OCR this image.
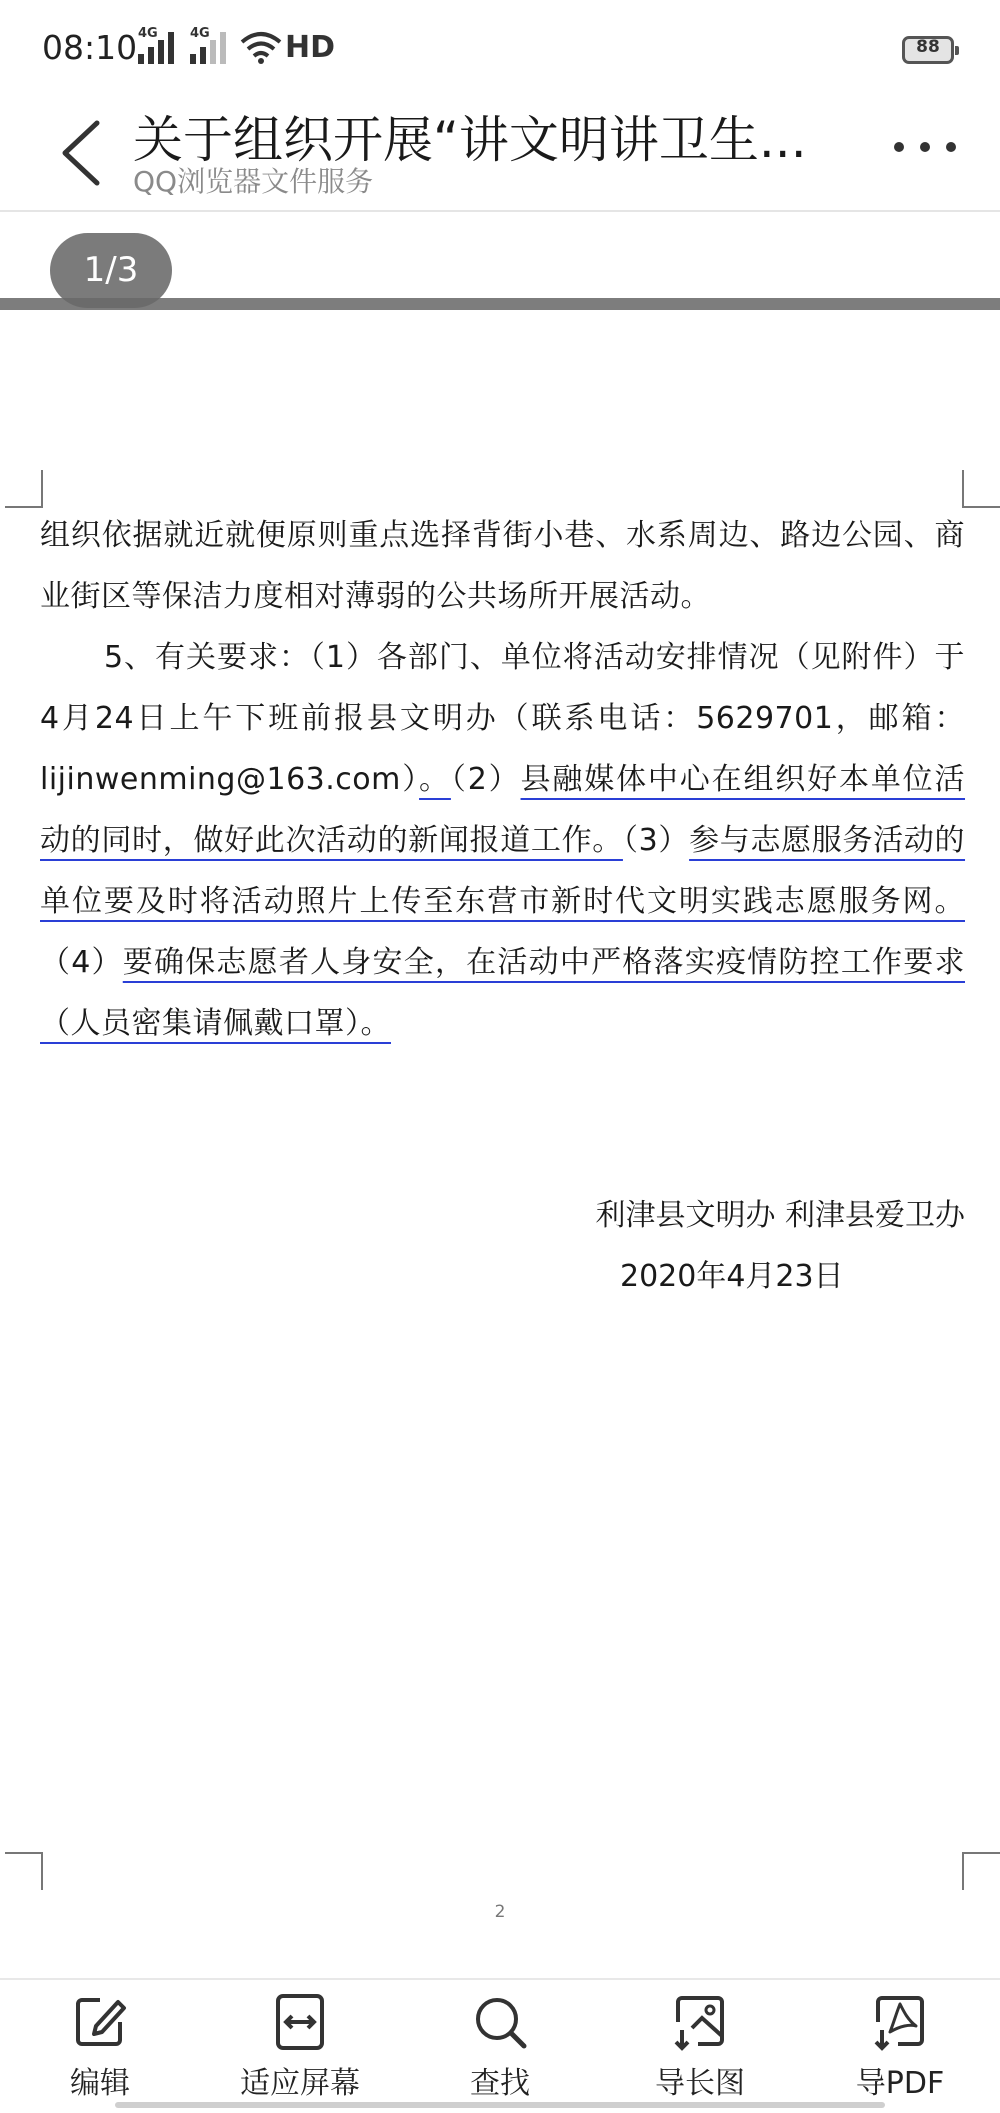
08:10 4G 4G	HD	88
关于组织开展“讲文明讲卫生...
QQ浏览器文件服务
1/3

组织依据就近就便原则重点选择背街小巷、水系周边、路边公园、商业街区等保洁力度相对薄弱的公共场所开展活动。

5、有关要求：（1）各部门、单位将活动安排情况（见附件）于4月24日上午下班前报县文明办（联系电话：5629701，邮箱：lijinwenming@163.com）。（2）县融媒体中心在组织好本单位活动的同时，做好此次活动的新闻报道工作。（3）参与志愿服务活动的单位要及时将活动照片上传至东营市新时代文明实践志愿服务网。（4）要确保志愿者人身安全，在活动中严格落实疫情防控工作要求（人员密集请佩戴口罩）。

利津县文明办 利津县爱卫办
2020年4月23日
2
编辑	适应屏幕	查找	导长图	导PDF
